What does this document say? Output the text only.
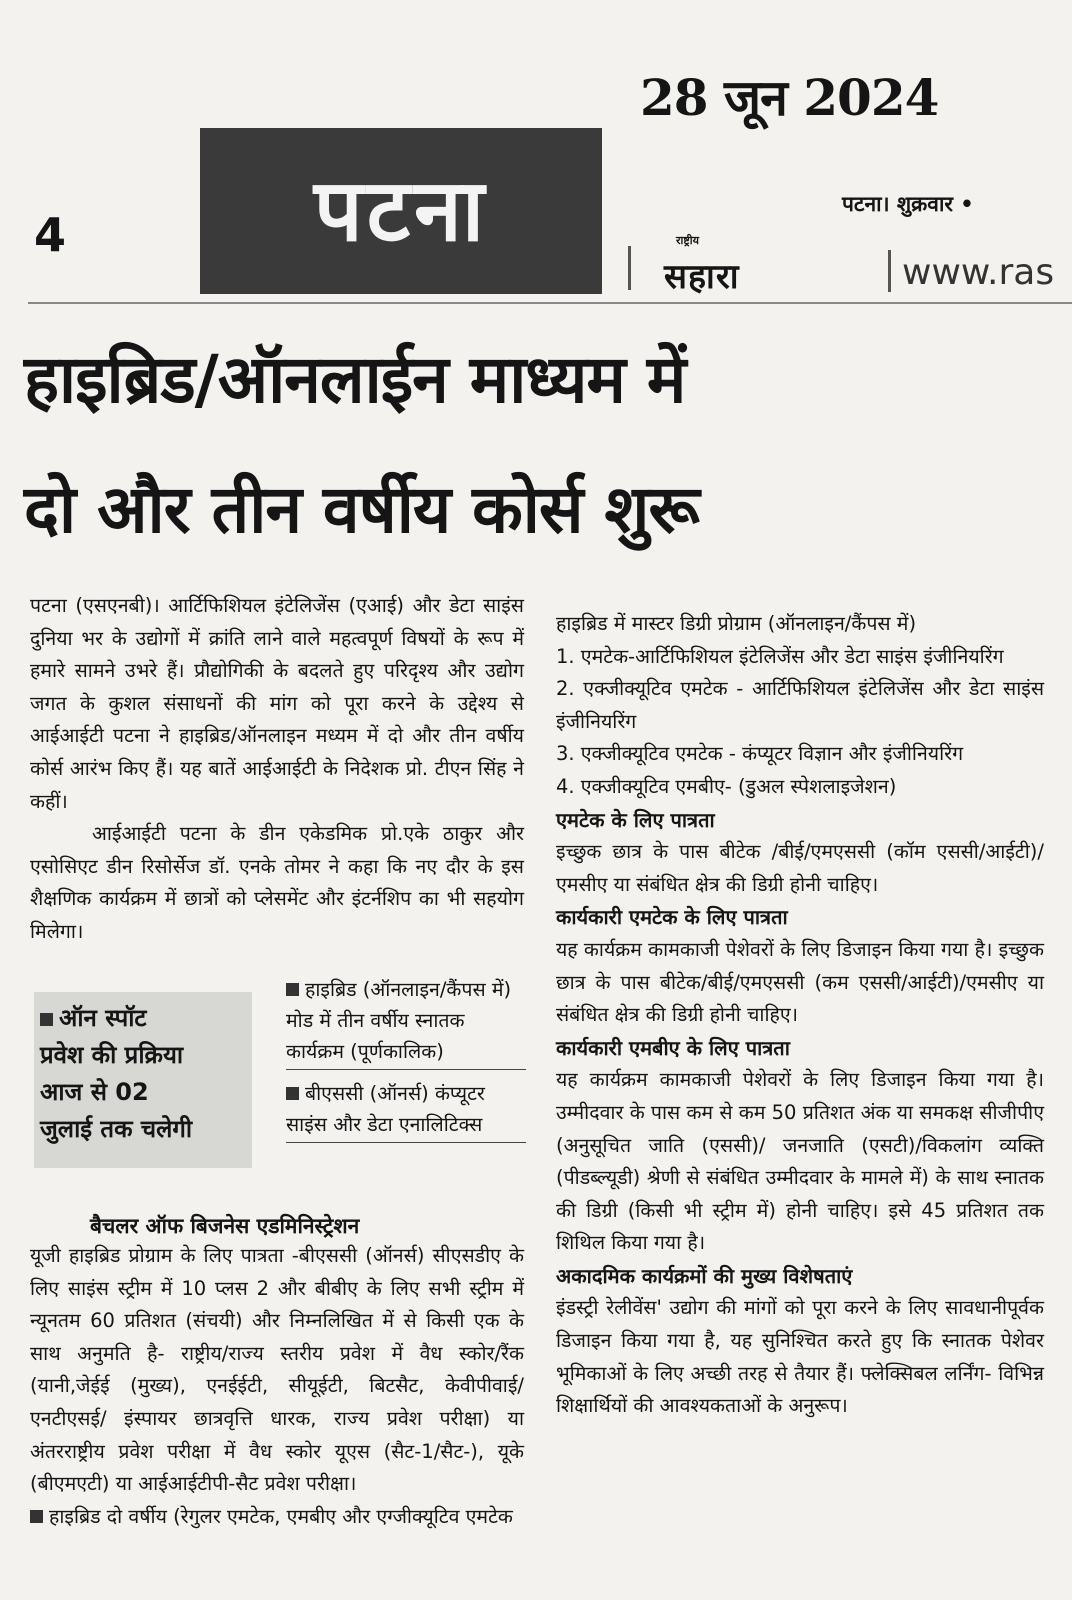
28 जून 2024
4	पटना	पटना। शुक्रवार •
राष्ट्रीय
सहारा	www.ras
हाइब्रिड/ऑनलाईन माध्यम में
दो और तीन वर्षीय कोर्स शुरू

पटना (एसएनबी)। आर्टिफिशियल इंटेलिजेंस (एआई) और डेटा साइंस दुनिया भर के उद्योगों में क्रांति लाने वाले महत्वपूर्ण विषयों के रूप में हमारे सामने उभरे हैं। प्रौद्योगिकी के बदलते हुए परिदृश्य और उद्योग जगत के कुशल संसाधनों की मांग को पूरा करने के उद्देश्य से आईआईटी पटना ने हाइब्रिड/ऑनलाइन मध्यम में दो और तीन वर्षीय कोर्स आरंभ किए हैं। यह बातें आईआईटी के निदेशक प्रो. टीएन सिंह ने कहीं।

आईआईटी पटना के डीन एकेडमिक प्रो.एके ठाकुर और एसोसिएट डीन रिसोर्सेज डॉ. एनके तोमर ने कहा कि नए दौर के इस शैक्षणिक कार्यक्रम में छात्रों को प्लेसमेंट और इंटर्नशिप का भी सहयोग मिलेगा।

ऑन स्पॉट
प्रवेश की प्रक्रिया
आज से 02
जुलाई तक चलेगी
हाइब्रिड (ऑनलाइन/कैंपस में) मोड में तीन वर्षीय स्नातक कार्यक्रम (पूर्णकालिक)
बीएससी (ऑनर्स) कंप्यूटर साइंस और डेटा एनालिटिक्स
बैचलर ऑफ बिजनेस एडमिनिस्ट्रेशन

यूजी हाइब्रिड प्रोग्राम के लिए पात्रता -बीएससी (ऑनर्स) सीएसडीए के लिए साइंस स्ट्रीम में 10 प्लस 2 और बीबीए के लिए सभी स्ट्रीम में न्यूनतम 60 प्रतिशत (संचयी) और निम्नलिखित में से किसी एक के साथ अनुमति है- राष्ट्रीय/राज्य स्तरीय प्रवेश में वैध स्कोर/रैंक (यानी,जेईई (मुख्य), एनईईटी, सीयूईटी, बिटसैट, केवीपीवाई/ एनटीएसई/ इंस्पायर छात्रवृत्ति धारक, राज्य प्रवेश परीक्षा) या अंतरराष्ट्रीय प्रवेश परीक्षा में वैध स्कोर यूएस (सैट-1/सैट-), यूके (बीएमएटी) या आईआईटीपी-सैट प्रवेश परीक्षा।

हाइब्रिड दो वर्षीय (रेगुलर एमटेक, एमबीए और एग्जीक्यूटिव एमटेक

हाइब्रिड में मास्टर डिग्री प्रोग्राम (ऑनलाइन/कैंपस में)

1. एमटेक-आर्टिफिशियल इंटेलिजेंस और डेटा साइंस इंजीनियरिंग

2. एक्जीक्यूटिव एमटेक - आर्टिफिशियल इंटेलिजेंस और डेटा साइंस इंजीनियरिंग

3. एक्जीक्यूटिव एमटेक - कंप्यूटर विज्ञान और इंजीनियरिंग

4. एक्जीक्यूटिव एमबीए- (डुअल स्पेशलाइजेशन)

एमटेक के लिए पात्रता

इच्छुक छात्र के पास बीटेक /बीई/एमएससी (कॉम एससी/आईटी)/एमसीए या संबंधित क्षेत्र की डिग्री होनी चाहिए।

कार्यकारी एमटेक के लिए पात्रता

यह कार्यक्रम कामकाजी पेशेवरों के लिए डिजाइन किया गया है। इच्छुक छात्र के पास बीटेक/बीई/एमएससी (कम एससी/आईटी)/एमसीए या संबंधित क्षेत्र की डिग्री होनी चाहिए।

कार्यकारी एमबीए के लिए पात्रता

यह कार्यक्रम कामकाजी पेशेवरों के लिए डिजाइन किया गया है। उम्मीदवार के पास कम से कम 50 प्रतिशत अंक या समकक्ष सीजीपीए (अनुसूचित जाति (एससी)/ जनजाति (एसटी)/विकलांग व्यक्ति (पीडब्ल्यूडी) श्रेणी से संबंधित उम्मीदवार के मामले में) के साथ स्नातक की डिग्री (किसी भी स्ट्रीम में) होनी चाहिए। इसे 45 प्रतिशत तक शिथिल किया गया है।

अकादमिक कार्यक्रमों की मुख्य विशेषताएं

इंडस्ट्री रेलीवेंस' उद्योग की मांगों को पूरा करने के लिए सावधानीपूर्वक डिजाइन किया गया है, यह सुनिश्चित करते हुए कि स्नातक पेशेवर भूमिकाओं के लिए अच्छी तरह से तैयार हैं। फ्लेक्सिबल लर्निंग- विभिन्न शिक्षार्थियों की आवश्यकताओं के अनुरूप।
